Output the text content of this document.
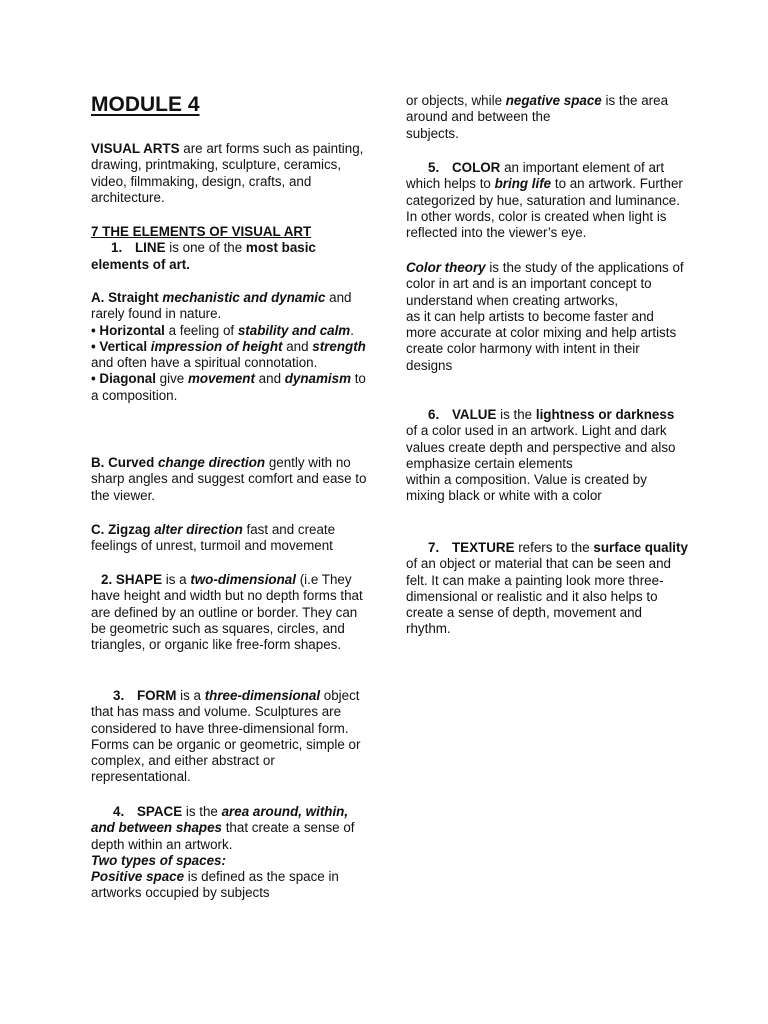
MODULE 4

VISUAL ARTS are art forms such as painting, drawing, printmaking, sculpture, ceramics, video, filmmaking, design, crafts, and architecture.

7 THE ELEMENTS OF VISUAL ART
1. LINE is one of the most basic elements of art.

A. Straight mechanistic and dynamic and rarely found in nature.
• Horizontal a feeling of stability and calm.
• Vertical impression of height and strength and often have a spiritual connotation.
• Diagonal give movement and dynamism to a composition.

B. Curved change direction gently with no sharp angles and suggest comfort and ease to the viewer.

C. Zigzag alter direction fast and create feelings of unrest, turmoil and movement

2. SHAPE is a two-dimensional (i.e They have height and width but no depth forms that are defined by an outline or border. They can be geometric such as squares, circles, and triangles, or organic like free-form shapes.

3. FORM is a three-dimensional object that has mass and volume. Sculptures are considered to have three-dimensional form. Forms can be organic or geometric, simple or complex, and either abstract or representational.

4. SPACE is the area around, within, and between shapes that create a sense of depth within an artwork.
Two types of spaces:
Positive space is defined as the space in artworks occupied by subjects

or objects, while negative space is the area around and between the
subjects.

5. COLOR an important element of art which helps to bring life to an artwork. Further categorized by hue, saturation and luminance. In other words, color is created when light is reflected into the viewer’s eye.

Color theory is the study of the applications of color in art and is an important concept to understand when creating artworks,
as it can help artists to become faster and more accurate at color mixing and help artists create color harmony with intent in their designs

6. VALUE is the lightness or darkness of a color used in an artwork. Light and dark values create depth and perspective and also emphasize certain elements
within a composition. Value is created by mixing black or white with a color

7. TEXTURE refers to the surface quality of an object or material that can be seen and felt. It can make a painting look more three-dimensional or realistic and it also helps to create a sense of depth, movement and rhythm.
